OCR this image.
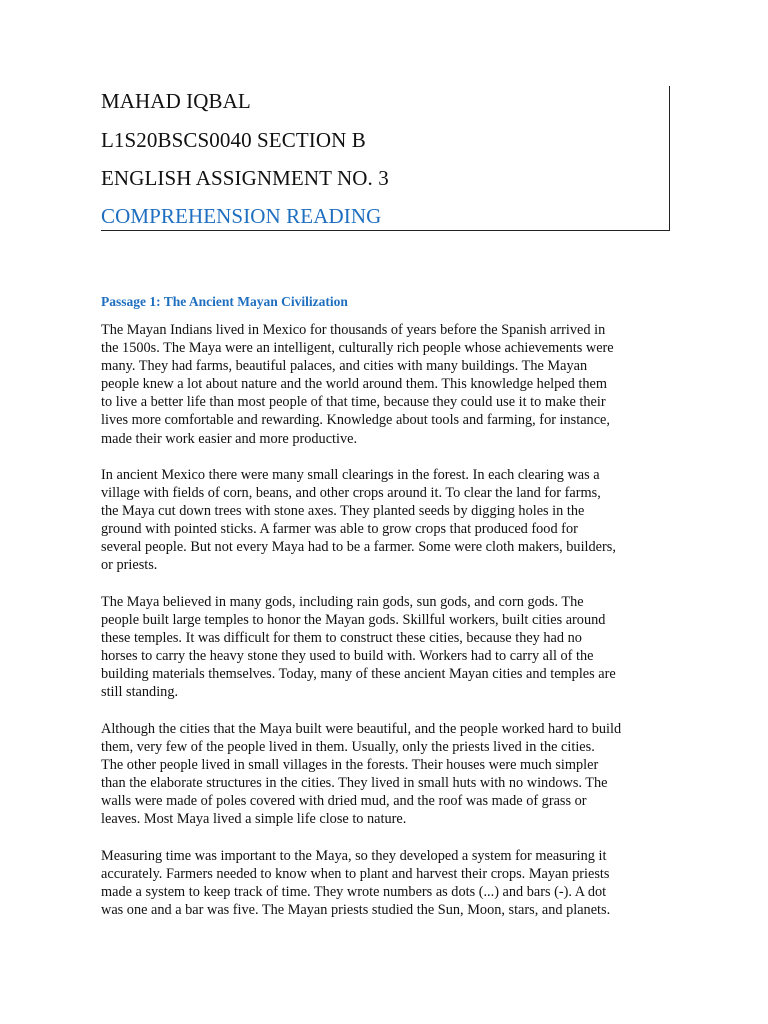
MAHAD IQBAL
L1S20BSCS0040 SECTION B
ENGLISH ASSIGNMENT NO. 3
COMPREHENSION READING
Passage 1: The Ancient Mayan Civilization
The Mayan Indians lived in Mexico for thousands of years before the Spanish arrived in
the 1500s. The Maya were an intelligent, culturally rich people whose achievements were
many. They had farms, beautiful palaces, and cities with many buildings. The Mayan
people knew a lot about nature and the world around them. This knowledge helped them
to live a better life than most people of that time, because they could use it to make their
lives more comfortable and rewarding. Knowledge about tools and farming, for instance,
made their work easier and more productive.
In ancient Mexico there were many small clearings in the forest. In each clearing was a
village with fields of corn, beans, and other crops around it. To clear the land for farms,
the Maya cut down trees with stone axes. They planted seeds by digging holes in the
ground with pointed sticks. A farmer was able to grow crops that produced food for
several people. But not every Maya had to be a farmer. Some were cloth makers, builders,
or priests.
The Maya believed in many gods, including rain gods, sun gods, and corn gods. The
people built large temples to honor the Mayan gods. Skillful workers, built cities around
these temples. It was difficult for them to construct these cities, because they had no
horses to carry the heavy stone they used to build with. Workers had to carry all of the
building materials themselves. Today, many of these ancient Mayan cities and temples are
still standing.
Although the cities that the Maya built were beautiful, and the people worked hard to build
them, very few of the people lived in them. Usually, only the priests lived in the cities.
The other people lived in small villages in the forests. Their houses were much simpler
than the elaborate structures in the cities. They lived in small huts with no windows. The
walls were made of poles covered with dried mud, and the roof was made of grass or
leaves. Most Maya lived a simple life close to nature.
Measuring time was important to the Maya, so they developed a system for measuring it
accurately. Farmers needed to know when to plant and harvest their crops. Mayan priests
made a system to keep track of time. They wrote numbers as dots (...) and bars (-). A dot
was one and a bar was five. The Mayan priests studied the Sun, Moon, stars, and planets.
